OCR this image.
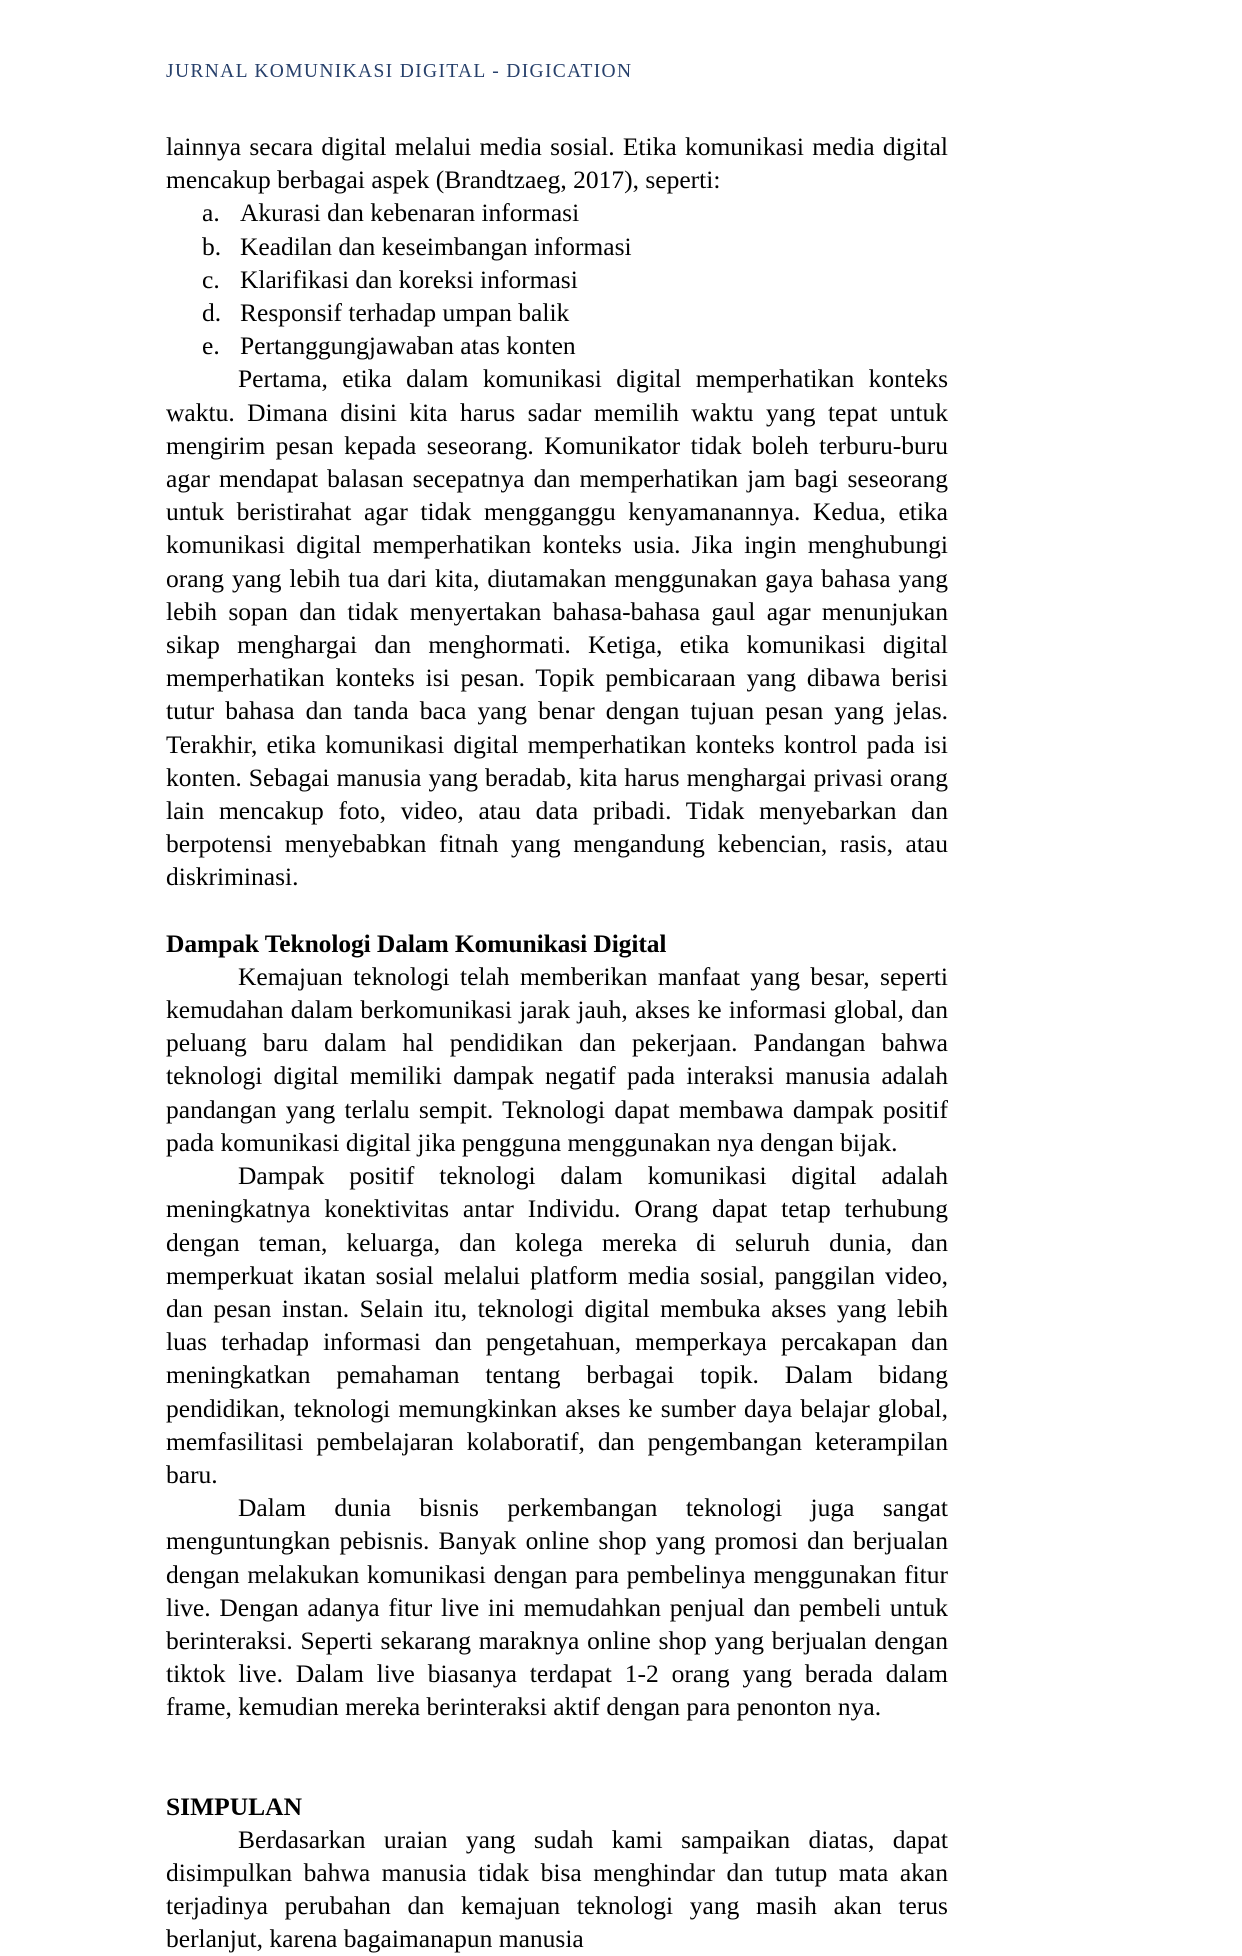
JURNAL KOMUNIKASI DIGITAL - DIGICATION

lainnya secara digital melalui media sosial. Etika komunikasi media digital mencakup berbagai aspek (Brandtzaeg, 2017), seperti:

a. Akurasi dan kebenaran informasi
b. Keadilan dan keseimbangan informasi
c. Klarifikasi dan koreksi informasi
d. Responsif terhadap umpan balik
e. Pertanggungjawaban atas konten

Pertama, etika dalam komunikasi digital memperhatikan konteks waktu. Dimana disini kita harus sadar memilih waktu yang tepat untuk mengirim pesan kepada seseorang. Komunikator tidak boleh terburu-buru agar mendapat balasan secepatnya dan memperhatikan jam bagi seseorang untuk beristirahat agar tidak mengganggu kenyamanannya. Kedua, etika komunikasi digital memperhatikan konteks usia. Jika ingin menghubungi orang yang lebih tua dari kita, diutamakan menggunakan gaya bahasa yang lebih sopan dan tidak menyertakan bahasa-bahasa gaul agar menunjukan sikap menghargai dan menghormati. Ketiga, etika komunikasi digital memperhatikan konteks isi pesan. Topik pembicaraan yang dibawa berisi tutur bahasa dan tanda baca yang benar dengan tujuan pesan yang jelas. Terakhir, etika komunikasi digital memperhatikan konteks kontrol pada isi konten. Sebagai manusia yang beradab, kita harus menghargai privasi orang lain mencakup foto, video, atau data pribadi. Tidak menyebarkan dan berpotensi menyebabkan fitnah yang mengandung kebencian, rasis, atau diskriminasi.

Dampak Teknologi Dalam Komunikasi Digital

Kemajuan teknologi telah memberikan manfaat yang besar, seperti kemudahan dalam berkomunikasi jarak jauh, akses ke informasi global, dan peluang baru dalam hal pendidikan dan pekerjaan. Pandangan bahwa teknologi digital memiliki dampak negatif pada interaksi manusia adalah pandangan yang terlalu sempit. Teknologi dapat membawa dampak positif pada komunikasi digital jika pengguna menggunakan nya dengan bijak.

Dampak positif teknologi dalam komunikasi digital adalah meningkatnya konektivitas antar Individu. Orang dapat tetap terhubung dengan teman, keluarga, dan kolega mereka di seluruh dunia, dan memperkuat ikatan sosial melalui platform media sosial, panggilan video, dan pesan instan. Selain itu, teknologi digital membuka akses yang lebih luas terhadap informasi dan pengetahuan, memperkaya percakapan dan meningkatkan pemahaman tentang berbagai topik. Dalam bidang pendidikan, teknologi memungkinkan akses ke sumber daya belajar global, memfasilitasi pembelajaran kolaboratif, dan pengembangan keterampilan baru.

Dalam dunia bisnis perkembangan teknologi juga sangat menguntungkan pebisnis. Banyak online shop yang promosi dan berjualan dengan melakukan komunikasi dengan para pembelinya menggunakan fitur live. Dengan adanya fitur live ini memudahkan penjual dan pembeli untuk berinteraksi. Seperti sekarang maraknya online shop yang berjualan dengan tiktok live. Dalam live biasanya terdapat 1-2 orang yang berada dalam frame, kemudian mereka berinteraksi aktif dengan para penonton nya.

SIMPULAN

Berdasarkan uraian yang sudah kami sampaikan diatas, dapat disimpulkan bahwa manusia tidak bisa menghindar dan tutup mata akan terjadinya perubahan dan kemajuan teknologi yang masih akan terus berlanjut, karena bagaimanapun manusia
